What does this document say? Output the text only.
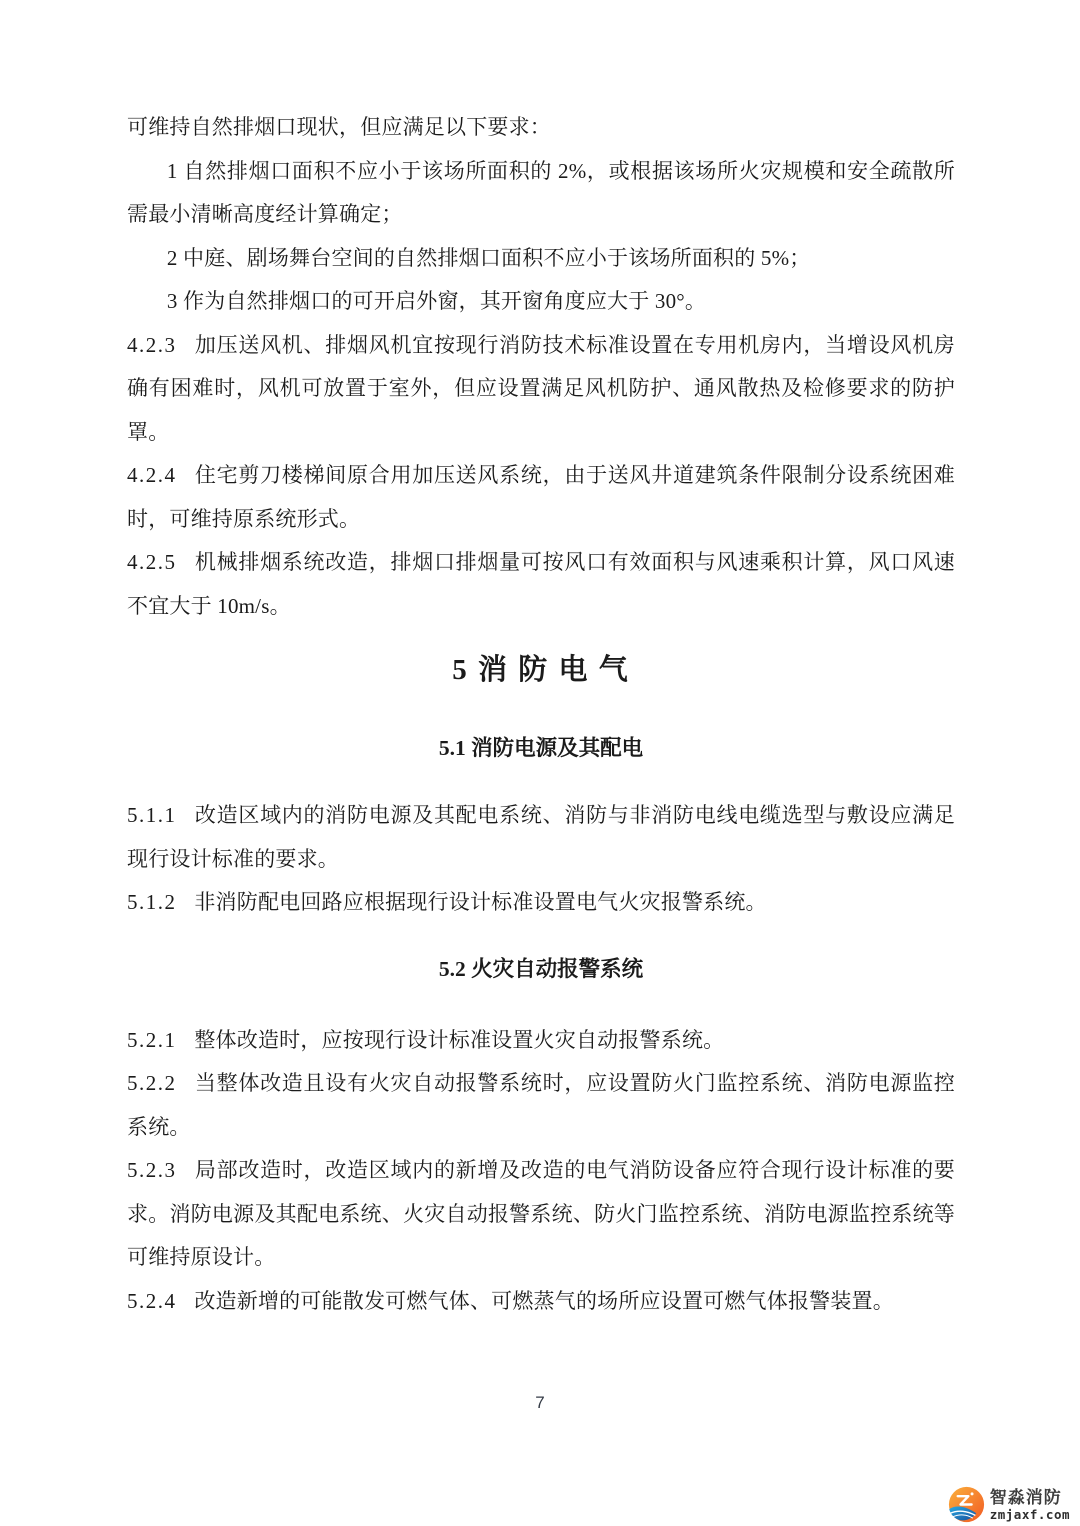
可维持自然排烟口现状，但应满足以下要求：

1 自然排烟口面积不应小于该场所面积的 2%，或根据该场所火灾规模和安全疏散所需最小清晰高度经计算确定；

2 中庭、剧场舞台空间的自然排烟口面积不应小于该场所面积的 5%；

3 作为自然排烟口的可开启外窗，其开窗角度应大于 30°。

4.2.3 加压送风机、排烟风机宜按现行消防技术标准设置在专用机房内，当增设风机房确有困难时，风机可放置于室外，但应设置满足风机防护、通风散热及检修要求的防护罩。

4.2.4 住宅剪刀楼梯间原合用加压送风系统，由于送风井道建筑条件限制分设系统困难时，可维持原系统形式。

4.2.5 机械排烟系统改造，排烟口排烟量可按风口有效面积与风速乘积计算，风口风速不宜大于 10m/s。

5 消 防 电 气
5.1 消防电源及其配电

5.1.1 改造区域内的消防电源及其配电系统、消防与非消防电线电缆选型与敷设应满足现行设计标准的要求。

5.1.2 非消防配电回路应根据现行设计标准设置电气火灾报警系统。

5.2 火灾自动报警系统

5.2.1 整体改造时，应按现行设计标准设置火灾自动报警系统。

5.2.2 当整体改造且设有火灾自动报警系统时，应设置防火门监控系统、消防电源监控系统。

5.2.3 局部改造时，改造区域内的新增及改造的电气消防设备应符合现行设计标准的要求。消防电源及其配电系统、火灾自动报警系统、防火门监控系统、消防电源监控系统等可维持原设计。

5.2.4 改造新增的可能散发可燃气体、可燃蒸气的场所应设置可燃气体报警装置。

7
智淼消防
zmjaxf.com
